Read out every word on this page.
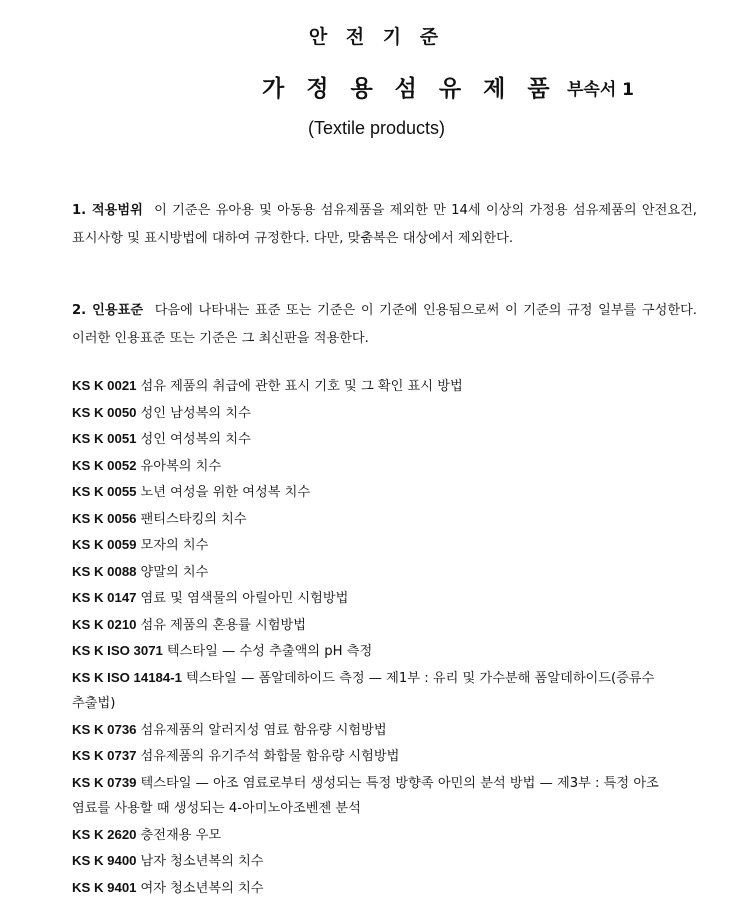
안 전 기 준
가 정 용 섬 유 제 품 부속서 1
(Textile products)
1. 적용범위 이 기준은 유아용 및 아동용 섬유제품을 제외한 만 14세 이상의 가정용 섬유제품의 안전요건, 표시사항 및 표시방법에 대하여 규정한다. 다만, 맞춤복은 대상에서 제외한다.
2. 인용표준 다음에 나타내는 표준 또는 기준은 이 기준에 인용됨으로써 이 기준의 규정 일부를 구성한다. 이러한 인용표준 또는 기준은 그 최신판을 적용한다.
KS K 0021 섬유 제품의 취급에 관한 표시 기호 및 그 확인 표시 방법
KS K 0050 성인 남성복의 치수
KS K 0051 성인 여성복의 치수
KS K 0052 유아복의 치수
KS K 0055 노년 여성을 위한 여성복 치수
KS K 0056 팬티스타킹의 치수
KS K 0059 모자의 치수
KS K 0088 양말의 치수
KS K 0147 염료 및 염색물의 아릴아민 시험방법
KS K 0210 섬유 제품의 혼용률 시험방법
KS K ISO 3071 텍스타일 — 수성 추출액의 pH 측정
KS K ISO 14184-1 텍스타일 — 폼알데하이드 측정 — 제1부 : 유리 및 가수분해 폼알데하이드(증류수 추출법)
KS K 0736 섬유제품의 알러지성 염료 함유량 시험방법
KS K 0737 섬유제품의 유기주석 화합물 함유량 시험방법
KS K 0739 텍스타일 — 아조 염료로부터 생성되는 특정 방향족 아민의 분석 방법 — 제3부 : 특정 아조 염료를 사용할 때 생성되는 4-아미노아조벤젠 분석
KS K 2620 충전재용 우모
KS K 9400 남자 청소년복의 치수
KS K 9401 여자 청소년복의 치수
